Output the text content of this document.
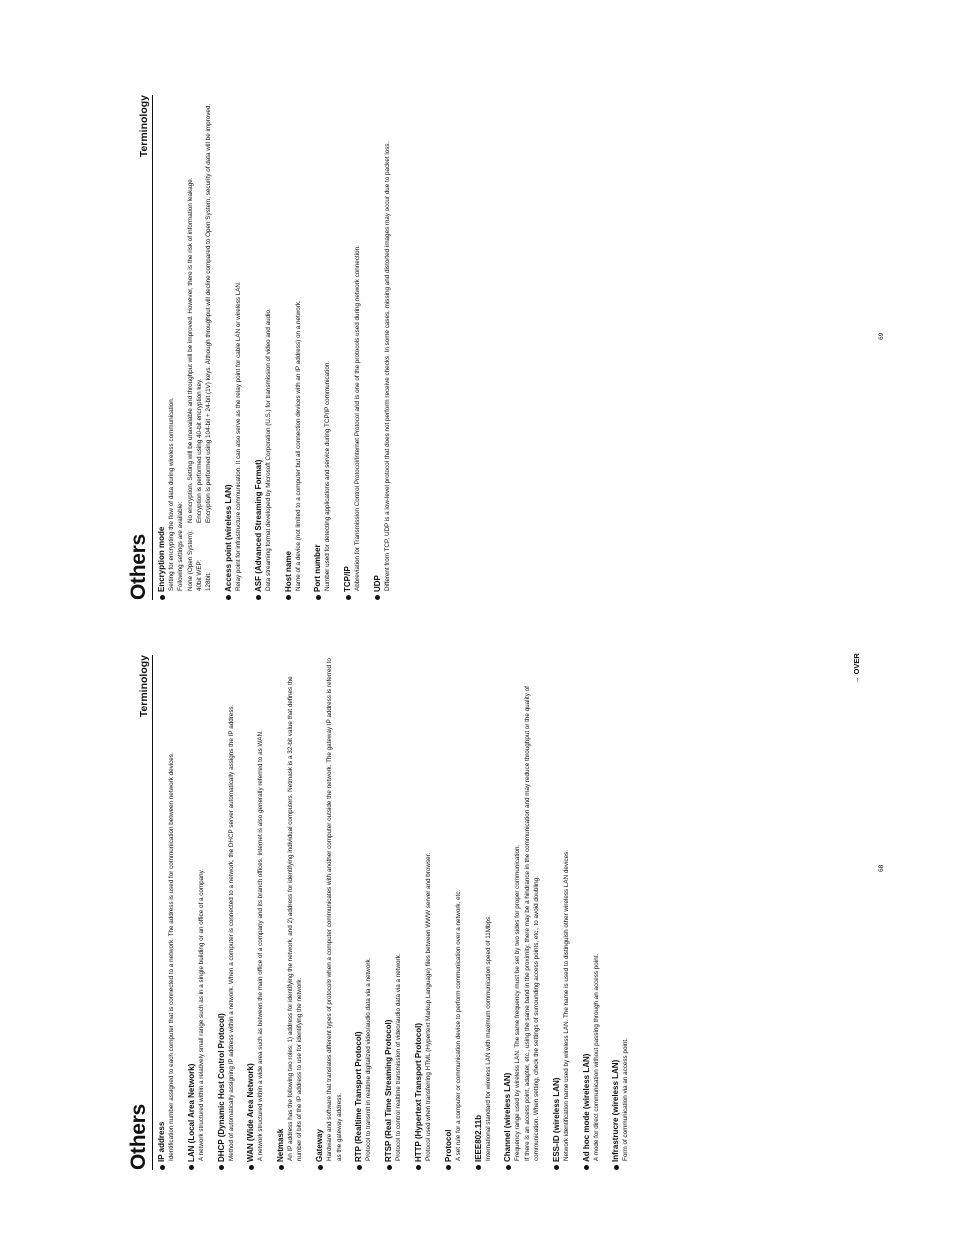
Others
Terminology
IP address Identification number assigned to each computer that is connected to a network. The address is used for communication between network devices. LAN (Local Area Network) A network structured within a relatively small range such as in a single building or an office of a company. DHCP (Dynamic Host Control Protocol) Method of automatically assigning IP address within a network. When a computer is connected to a network, the DHCP server automatically assigns the IP address. WAN (Wide Area Network) A network structured within a wide area such as between the main office of a company and its branch offices. Internet is also generally referred to as WAN. Netmask An IP address has the following two roles: 1) address for identifying the network, and 2) address for identifying individual computers. Netmask is a 32-bit value that defines the number of bits of the IP address to use for identifying the network. Gateway Hardware and software that translates different types of protocols when a computer communicates with another computer outside the network. The gateway IP address is referred to as the gateway address. RTP (Realtime Transport Protocol) Protocol to transmit in realtime digitalized video/audio data via a network. RTSP (Real Time Streaming Protocol) Protocol to control realtime transmission of video/audio data via a network. HTTP (Hypertext Transport Protocol) Protocol used when transferring HTML (Hypertext Markup Language) files between WWW server and browser. Protocol A set rule for a computer or communication device to perform communication over a network, etc. IEEE802.11b International standard for wireless LAN with maximum communication speed of 11Mbps. Channel (wireless LAN) Frequency range used by wireless LAN. The same frequency must be set by two sides for proper communication. If there is an access point, adapter, etc., using the same band in the proximity, there may be a hindrance in the communication and may reduce throughput or the quality of communication. When setting, check the settings of surrounding access points, etc., to avoid doubling. ESS-ID (wireless LAN) Network identification name used by wireless LAN. The name is used to distinguish other wireless LAN devices. Ad hoc mode (wireless LAN) A mode for direct communication without passing through an access point. Infrastrucre (wireless LAN) Form of communication via an access point.

Others
Terminology
Encryption mode Setting for encrypting the flow of data during wireless communication. Following settings are available: None (Open System):
No encryption. Setting will be unavailable and throughput will be improved. However, there is the risk of information leakage.
40bit WEP:
Encryption is performed using 40-bit encryption key.
128bit:
Encryption is performed using 104-bit + 24-bit (1V) keys. Although throughput will decline compared to Open System, security of data will be improved.
Access point (wireless LAN) Relay point for infrastructure communication. It can also serve as the relay point for cable LAN or wireless LAN. ASF (Advanced Streaming Format) Data streaming format developed by Microsoft Corporation (U.S.) for transmission of video and audio. Host name Name of a device (not limited to a computer but all connection devices with an IP address) on a network. Port number Number used for detecting applications and service during TCP/IP communication. TCP/IP Abbreviation for Transmission Control Protocol/Internet Protocol and is one of the protocols used during network connection. UDP Different from TCP, UDP is a low-level protocol that does not perform receive checks. In some cases, missing and distorted images may occur due to packet loss.

→ OVER
68
69
